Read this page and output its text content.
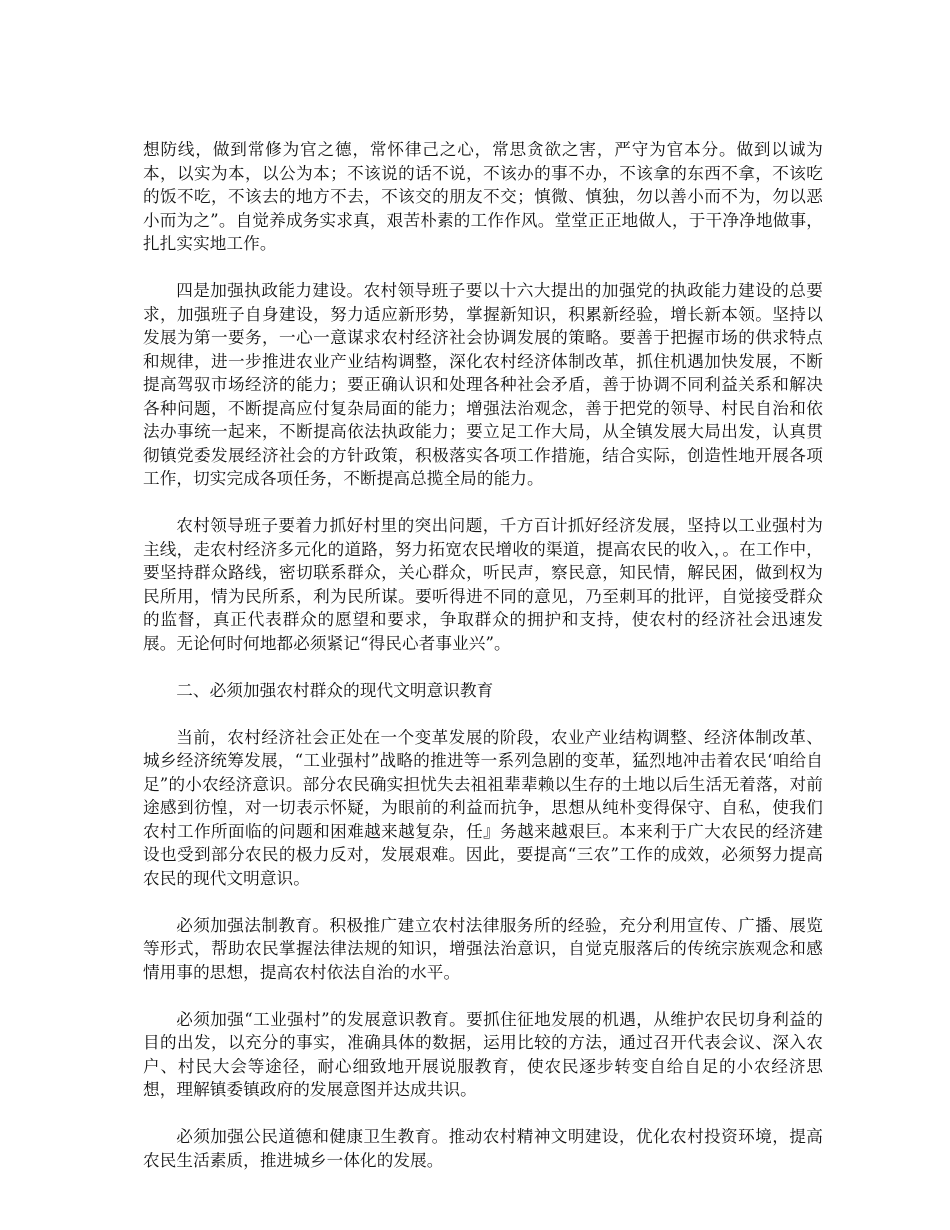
想防线，做到常修为官之德，常怀律己之心，常思贪欲之害，严守为官本分。做到以诚为本，以实为本，以公为本；不该说的话不说，不该办的事不办，不该拿的东西不拿，不该吃的饭不吃，不该去的地方不去，不该交的朋友不交；慎微、慎独，勿以善小而不为，勿以恶小而为之”。自觉养成务实求真，艰苦朴素的工作作风。堂堂正正地做人，于干净净地做事，扎扎实实地工作。

四是加强执政能力建设。农村领导班子要以十六大提出的加强党的执政能力建设的总要求，加强班子自身建设，努力适应新形势，掌握新知识，积累新经验，增长新本领。坚持以发展为第一要务，一心一意谋求农村经济社会协调发展的策略。要善于把握市场的供求特点和规律，进一步推进农业产业结构调整，深化农村经济体制改革，抓住机遇加快发展，不断提高驾驭市场经济的能力；要正确认识和处理各种社会矛盾，善于协调不同利益关系和解决各种问题，不断提高应付复杂局面的能力；增强法治观念，善于把党的领导、村民自治和依法办事统一起来，不断提高依法执政能力；要立足工作大局，从全镇发展大局出发，认真贯彻镇党委发展经济社会的方针政策，积极落实各项工作措施，结合实际，创造性地开展各项工作，切实完成各项任务，不断提高总揽全局的能力。

农村领导班子要着力抓好村里的突出问题，千方百计抓好经济发展，坚持以工业强村为主线，走农村经济多元化的道路，努力拓宽农民增收的渠道，提高农民的收入，。在工作中，要坚持群众路线，密切联系群众，关心群众，听民声，察民意，知民情，解民困，做到权为民所用，情为民所系，利为民所谋。要听得进不同的意见，乃至刺耳的批评，自觉接受群众的监督，真正代表群众的愿望和要求，争取群众的拥护和支持，使农村的经济社会迅速发展。无论何时何地都必须紧记“得民心者事业兴”。

二、必须加强农村群众的现代文明意识教育

当前，农村经济社会正处在一个变革发展的阶段，农业产业结构调整、经济体制改革、城乡经济统筹发展，“工业强村”战略的推进等一系列急剧的变革，猛烈地冲击着农民‘咱给自足”的小农经济意识。部分农民确实担忧失去祖祖辈辈赖以生存的土地以后生活无着落，对前途感到彷惶，对一切表示怀疑，为眼前的利益而抗争，思想从纯朴变得保守、自私，使我们农村工作所面临的问题和困难越来越复杂，任』务越来越艰巨。本来利于广大农民的经济建设也受到部分农民的极力反对，发展艰难。因此，要提高“三农”工作的成效，必须努力提高农民的现代文明意识。

必须加强法制教育。积极推广建立农村法律服务所的经验，充分利用宣传、广播、展览等形式，帮助农民掌握法律法规的知识，增强法治意识，自觉克服落后的传统宗族观念和感情用事的思想，提高农村依法自治的水平。

必须加强“工业强村”的发展意识教育。要抓住征地发展的机遇，从维护农民切身利益的目的出发，以充分的事实，准确具体的数据，运用比较的方法，通过召开代表会议、深入农户、村民大会等途径，耐心细致地开展说服教育，使农民逐步转变自给自足的小农经济思想，理解镇委镇政府的发展意图并达成共识。

必须加强公民道德和健康卫生教育。推动农村精神文明建设，优化农村投资环境，提高农民生活素质，推进城乡一体化的发展。
